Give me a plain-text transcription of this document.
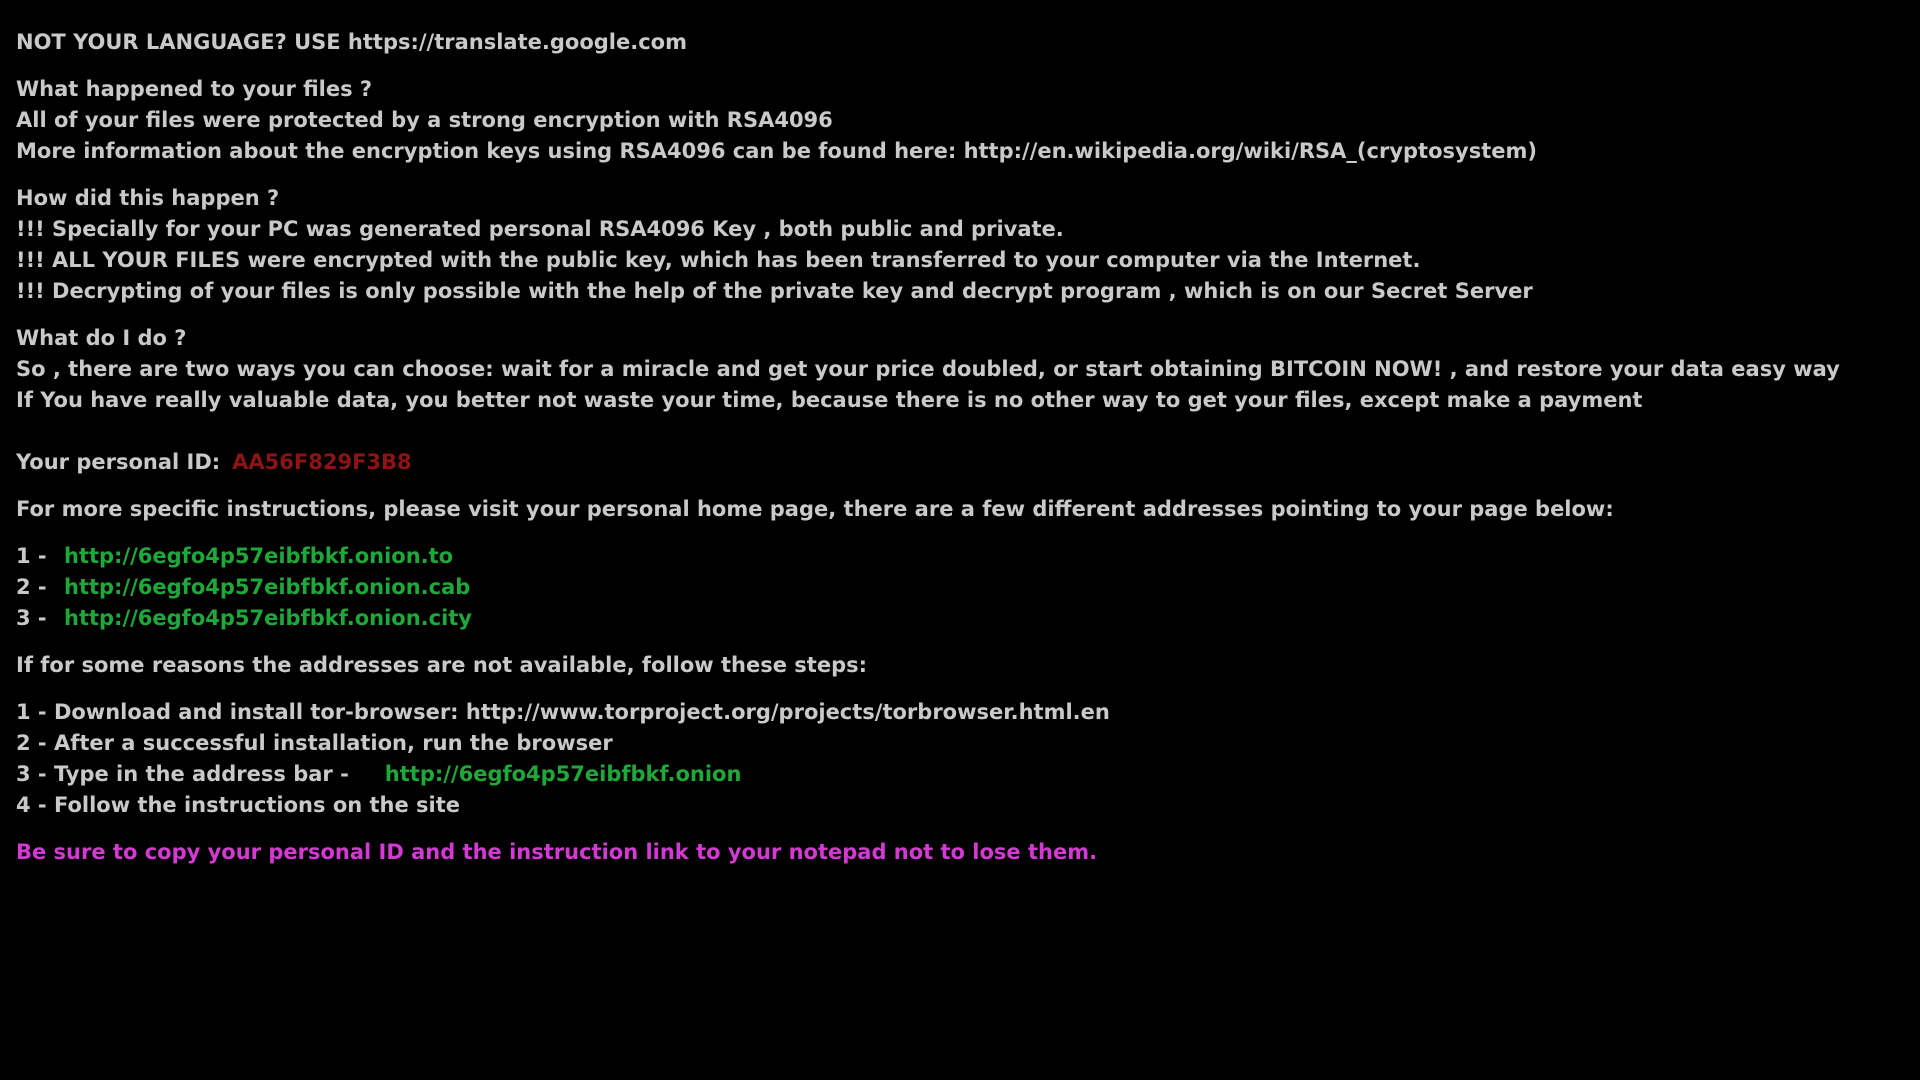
NOT YOUR LANGUAGE? USE https://translate.google.com
What happened to your files ?
All of your files were protected by a strong encryption with RSA4096
More information about the encryption keys using RSA4096 can be found here: http://en.wikipedia.org/wiki/RSA_(cryptosystem)
How did this happen ?
!!! Specially for your PC was generated personal RSA4096 Key , both public and private.
!!! ALL YOUR FILES were encrypted with the public key, which has been transferred to your computer via the Internet.
!!! Decrypting of your files is only possible with the help of the private key and decrypt program , which is on our Secret Server
What do I do ?
So , there are two ways you can choose: wait for a miracle and get your price doubled, or start obtaining BITCOIN NOW! , and restore your data easy way
If You have really valuable data, you better not waste your time, because there is no other way to get your files, except make a payment
Your personal ID: AA56F829F3B8
For more specific instructions, please visit your personal home page, there are a few different addresses pointing to your page below:
1 - http://6egfo4p57eibfbkf.onion.to
2 - http://6egfo4p57eibfbkf.onion.cab
3 - http://6egfo4p57eibfbkf.onion.city
If for some reasons the addresses are not available, follow these steps:
1 - Download and install tor-browser: http://www.torproject.org/projects/torbrowser.html.en
2 - After a successful installation, run the browser
3 - Type in the address bar - http://6egfo4p57eibfbkf.onion
4 - Follow the instructions on the site
Be sure to copy your personal ID and the instruction link to your notepad not to lose them.
